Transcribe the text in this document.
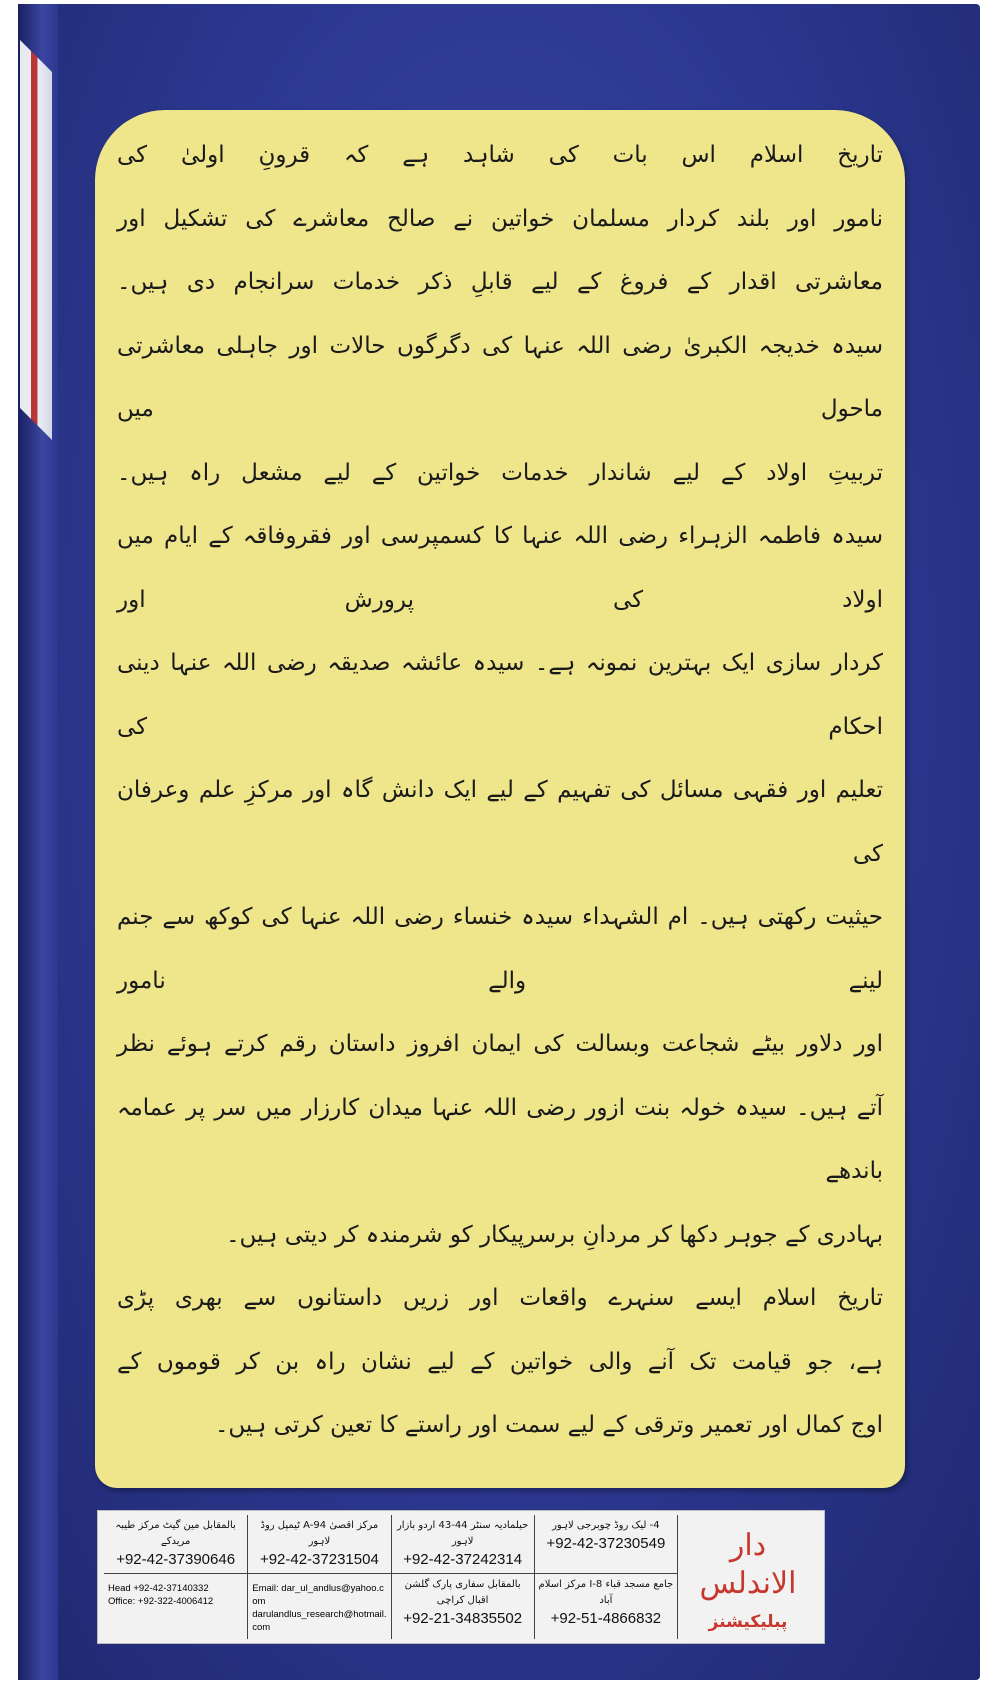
تاریخ اسلام اس بات کی شاہد ہے کہ قرونِ اولیٰ کی
نامور اور بلند کردار مسلمان خواتین نے صالح معاشرے کی تشکیل اور
معاشرتی اقدار کے فروغ کے لیے قابلِ ذکر خدمات سرانجام دی ہیں۔
سیدہ خدیجہ الکبریٰ رضی اللہ عنہا کی دگرگوں حالات اور جاہلی معاشرتی ماحول میں
تربیتِ اولاد کے لیے شاندار خدمات خواتین کے لیے مشعل راہ ہیں۔
سیدہ فاطمہ الزہراء رضی اللہ عنہا کا کسمپرسی اور فقروفاقہ کے ایام میں اولاد کی پرورش اور
کردار سازی ایک بہترین نمونہ ہے۔ سیدہ عائشہ صدیقہ رضی اللہ عنہا دینی احکام کی
تعلیم اور فقہی مسائل کی تفہیم کے لیے ایک دانش گاہ اور مرکزِ علم وعرفان کی
حیثیت رکھتی ہیں۔ ام الشہداء سیدہ خنساء رضی اللہ عنہا کی کوکھ سے جنم لینے والے نامور
اور دلاور بیٹے شجاعت وبسالت کی ایمان افروز داستان رقم کرتے ہوئے نظر
آتے ہیں۔ سیدہ خولہ بنت ازور رضی اللہ عنہا میدان کارزار میں سر پر عمامہ باندھے
بہادری کے جوہر دکھا کر مردانِ برسرپیکار کو شرمندہ کر دیتی ہیں۔
تاریخ اسلام ایسے سنہرے واقعات اور زریں داستانوں سے بھری پڑی
ہے، جو قیامت تک آنے والی خواتین کے لیے نشان راہ بن کر قوموں کے
اوج کمال اور تعمیر وترقی کے لیے سمت اور راستے کا تعین کرتی ہیں۔
دار الاندلس
پبلیکیشنز
4- لیک روڈ چوبرجی لاہور
+92-42-37230549
حیلمادیہ سنٹر 44-43 اردو بازار لاہور
+92-42-37242314
مرکز اقصیٰ A-94 ٹیمپل روڈ لاہور
+92-42-37231504
بالمقابل مین گیٹ مرکز طیبہ مریدکے
+92-42-37390646
جامع مسجد قباء 8-I مرکز اسلام آباد
+92-51-4866832
بالمقابل سفاری پارک گلشن اقبال کراچی
+92-21-34835502
Email: dar_ul_andlus@yahoo.com
darulandlus_research@hotmail.com
Head +92-42-37140332
Office: +92-322-4006412
